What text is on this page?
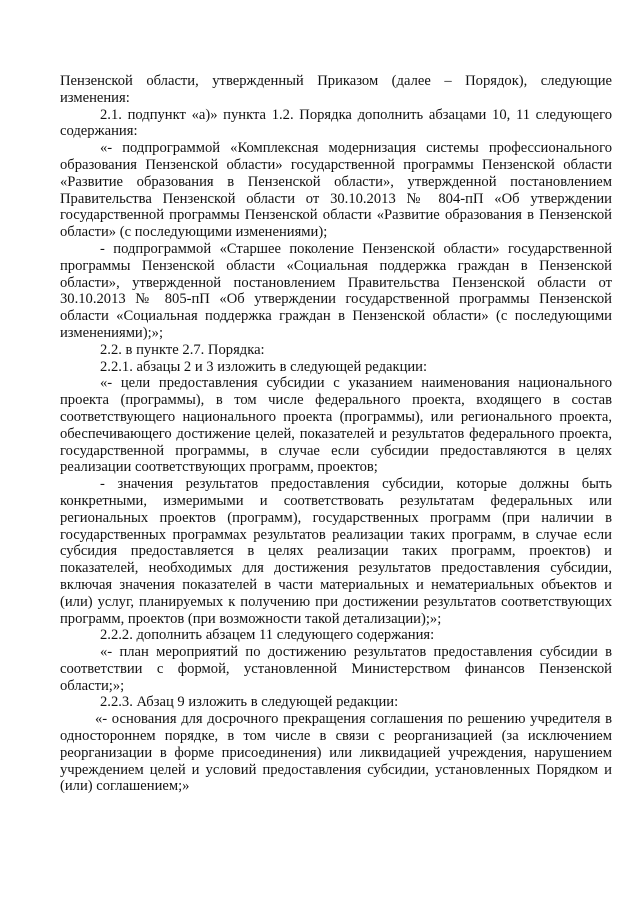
Пензенской области, утвержденный Приказом (далее – Порядок), следующие изменения:

2.1. подпункт «а)» пункта 1.2. Порядка дополнить абзацами 10, 11 следующего содержания:

«- подпрограммой «Комплексная модернизация системы профессионального образования Пензенской области» государственной программы Пензенской области «Развитие образования в Пензенской области», утвержденной постановлением Правительства Пензенской области от 30.10.2013 № 804-пП «Об утверждении государственной программы Пензенской области «Развитие образования в Пензенской области» (с последующими изменениями);

- подпрограммой «Старшее поколение Пензенской области» государственной программы Пензенской области «Социальная поддержка граждан в Пензенской области», утвержденной постановлением Правительства Пензенской области от 30.10.2013 № 805-пП «Об утверждении государственной программы Пензенской области «Социальная поддержка граждан в Пензенской области» (с последующими изменениями);»;

2.2. в пункте 2.7. Порядка:

2.2.1. абзацы 2 и 3 изложить в следующей редакции:

«- цели предоставления субсидии с указанием наименования национального проекта (программы), в том числе федерального проекта, входящего в состав соответствующего национального проекта (программы), или регионального проекта, обеспечивающего достижение целей, показателей и результатов федерального проекта, государственной программы, в случае если субсидии предоставляются в целях реализации соответствующих программ, проектов;

- значения результатов предоставления субсидии, которые должны быть конкретными, измеримыми и соответствовать результатам федеральных или региональных проектов (программ), государственных программ (при наличии в государственных программах результатов реализации таких программ, в случае если субсидия предоставляется в целях реализации таких программ, проектов) и показателей, необходимых для достижения результатов предоставления субсидии, включая значения показателей в части материальных и нематериальных объектов и (или) услуг, планируемых к получению при достижении результатов соответствующих программ, проектов (при возможности такой детализации);»;

2.2.2. дополнить абзацем 11 следующего содержания:

«- план мероприятий по достижению результатов предоставления субсидии в соответствии с формой, установленной Министерством финансов Пензенской области;»;

2.2.3. Абзац 9 изложить в следующей редакции:

«- основания для досрочного прекращения соглашения по решению учредителя в одностороннем порядке, в том числе в связи с реорганизацией (за исключением реорганизации в форме присоединения) или ликвидацией учреждения, нарушением учреждением целей и условий предоставления субсидии, установленных Порядком и (или) соглашением;»
